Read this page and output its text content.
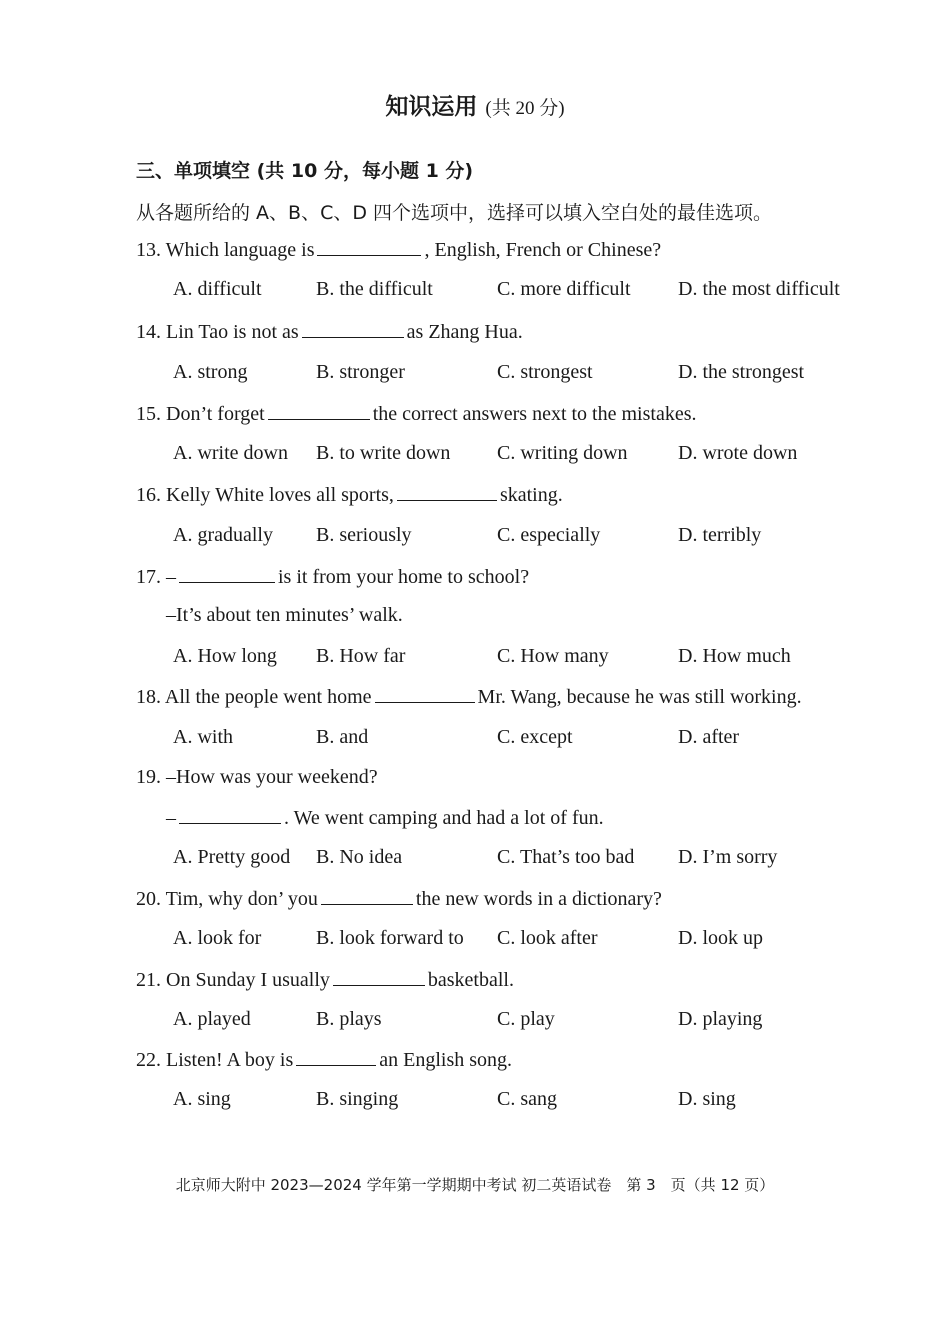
知识运用 (共 20 分)
三、单项填空 (共 10 分，每小题 1 分)
从各题所给的 A、B、C、D 四个选项中，选择可以填入空白处的最佳选项。
13. Which language is	, English, French or Chinese?
A. difficult	B. the difficult	C. more difficult D. the most difficult
14. Lin Tao is not as	as Zhang Hua.
A. strong	B. stronger	C. strongest	D. the strongest
15. Don’t forget	the correct answers next to the mistakes.
A. write down B. to write down C. writing down	D. wrote down
16. Kelly White loves all sports,	skating.
A. gradually B. seriously	C. especially	D. terribly
17. –	is it from your home to school?
–It’s about ten minutes’ walk.
A. How long B. How far	C. How many	D. How much
18. All the people went home	Mr. Wang, because he was still working.
A. with	B. and	C. except	D. after
19. –How was your weekend?
–	. We went camping and had a lot of fun.
A. Pretty good B. No idea	C. That’s too bad D. I’m sorry
20. Tim, why don’ you	the new words in a dictionary?
A. look for	B. look forward to C. look after	D. look up
21. On Sunday I usually	basketball.
A. played	B. plays	C. play	D. playing
22. Listen! A boy is	an English song.
A. sing	B. singing	C. sang	D. sing
北京师大附中 2023—2024 学年第一学期期中考试 初二英语试卷　第 3　页（共 12 页）
